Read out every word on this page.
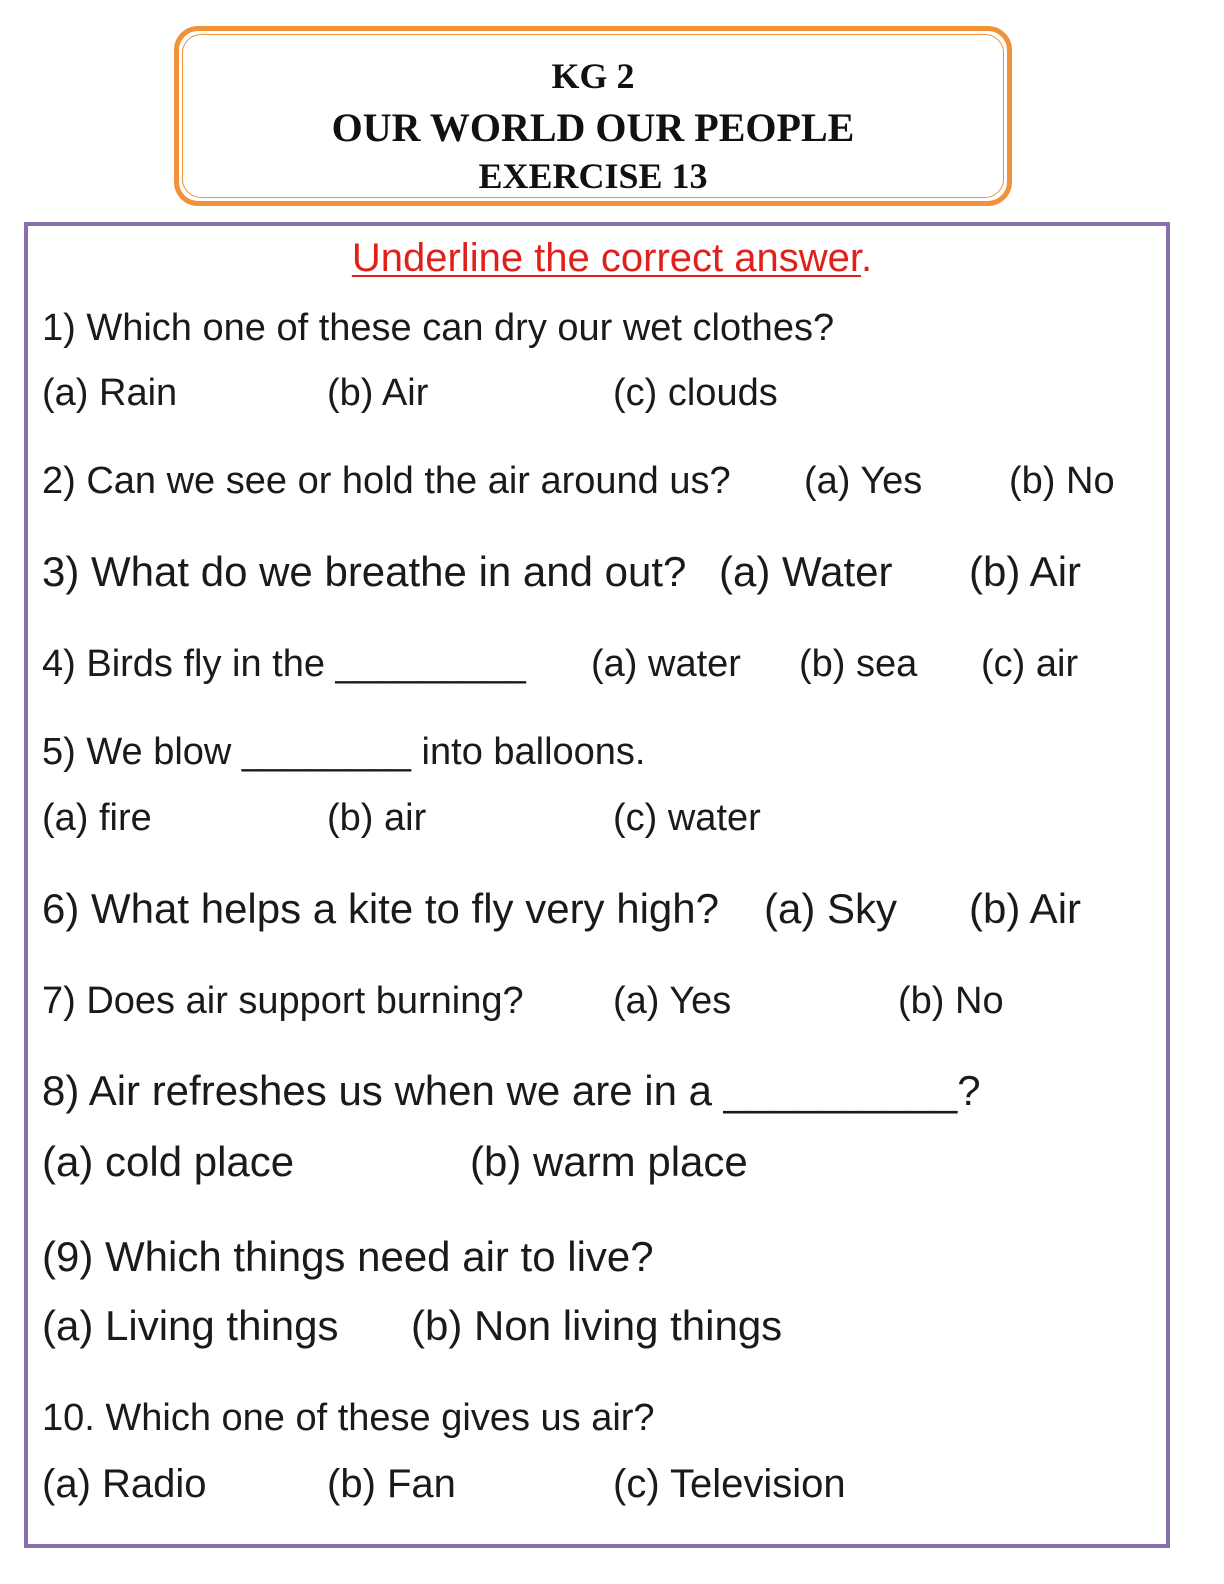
KG 2
OUR WORLD OUR PEOPLE
EXERCISE 13
Underline the correct answer.
1) Which one of these can dry our wet clothes?
(a) Rain	(b) Air	(c) clouds
2) Can we see or hold the air around us? (a) Yes (b) No
3) What do we breathe in and out? (a) Water (b) Air
4) Birds fly in the _________ (a) water (b) sea (c) air
5) We blow ________ into balloons.
(a) fire	(b) air	(c) water
6) What helps a kite to fly very high? (a) Sky (b) Air
7) Does air support burning? (a) Yes	(b) No
8) Air refreshes us when we are in a __________?
(a) cold place	(b) warm place
(9) Which things need air to live?
(a) Living things (b) Non living things
10. Which one of these gives us air?
(a) Radio	(b) Fan	(c) Television
